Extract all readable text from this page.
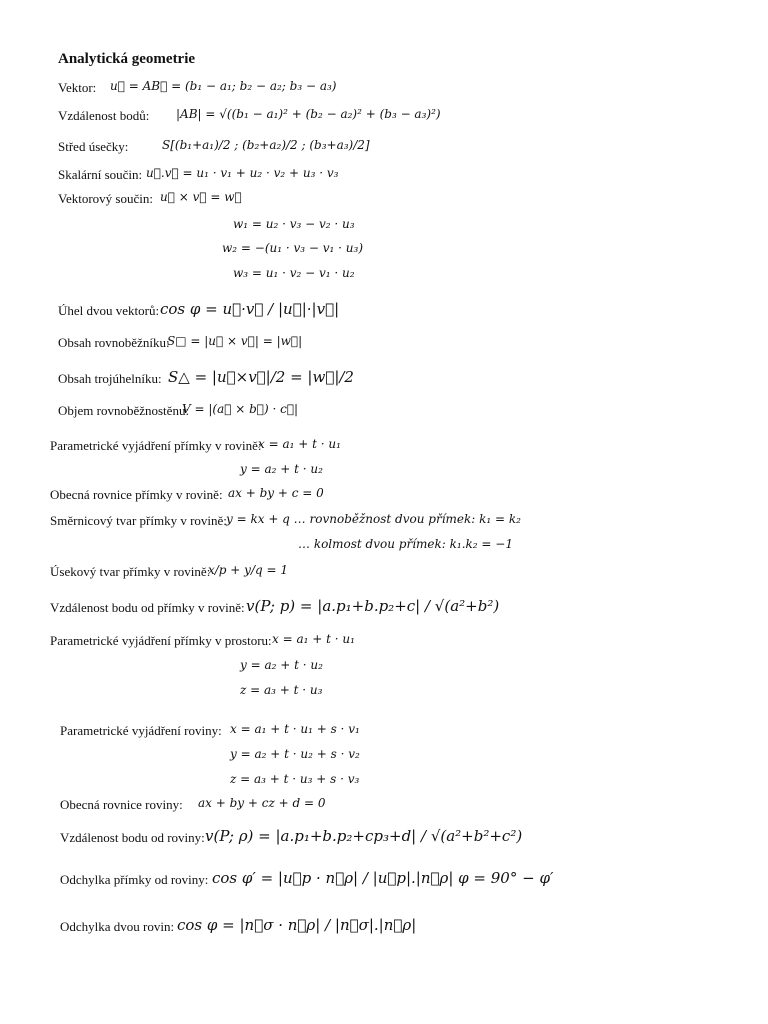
Analytická geometrie
Vektor: u⃗ = AB⃗ = (b₁ − a₁; b₂ − a₂; b₃ − a₃)
Vzdálenost bodů: |AB| = √((b₁ − a₁)² + (b₂ − a₂)² + (b₃ − a₃)²)
Střed úsečky:	S[(b₁+a₁)/2 ; (b₂+a₂)/2 ; (b₃+a₃)/2]
Skalární součin: u⃗.v⃗ = u₁ · v₁ + u₂ · v₂ + u₃ · v₃
Vektorový součin: u⃗ × v⃗ = w⃗
w₁ = u₂ · v₃ − v₂ · u₃
w₂ = −(u₁ · v₃ − v₁ · u₃)
w₃ = u₁ · v₂ − v₁ · u₂
Úhel dvou vektorů: cos φ = u⃗·v⃗ / |u⃗|·|v⃗|
Obsah rovnoběžníku:
S□ = |u⃗ × v⃗| = |w⃗|
Obsah trojúhelníku: S△ = |u⃗×v⃗|/2 = |w⃗|/2
Objem rovnoběžnostěnu:
V = |(a⃗ × b⃗) · c⃗|
Parametrické vyjádření přímky v rovině:
x = a₁ + t · u₁
y = a₂ + t · u₂
Obecná rovnice přímky v rovině: ax + by + c = 0
Směrnicový tvar přímky v rovině: y = kx + q … rovnoběžnost dvou přímek: k₁ = k₂
… kolmost dvou přímek: k₁.k₂ = −1
Úsekový tvar přímky v rovině:
x/p + y/q = 1
Vzdálenost bodu od přímky v rovině: v(P; p) = |a.p₁+b.p₂+c| / √(a²+b²)
Parametrické vyjádření přímky v prostoru: x = a₁ + t · u₁
y = a₂ + t · u₂
z = a₃ + t · u₃
Parametrické vyjádření roviny: x = a₁ + t · u₁ + s · v₁
y = a₂ + t · u₂ + s · v₂
z = a₃ + t · u₃ + s · v₃
Obecná rovnice roviny: ax + by + cz + d = 0
Vzdálenost bodu od roviny: v(P; ρ) = |a.p₁+b.p₂+cp₃+d| / √(a²+b²+c²)
Odchylka přímky od roviny: cos φ′ = |u⃗p · n⃗ρ| / |u⃗p|.|n⃗ρ| φ = 90° − φ′
Odchylka dvou rovin: cos φ = |n⃗σ · n⃗ρ| / |n⃗σ|.|n⃗ρ|
